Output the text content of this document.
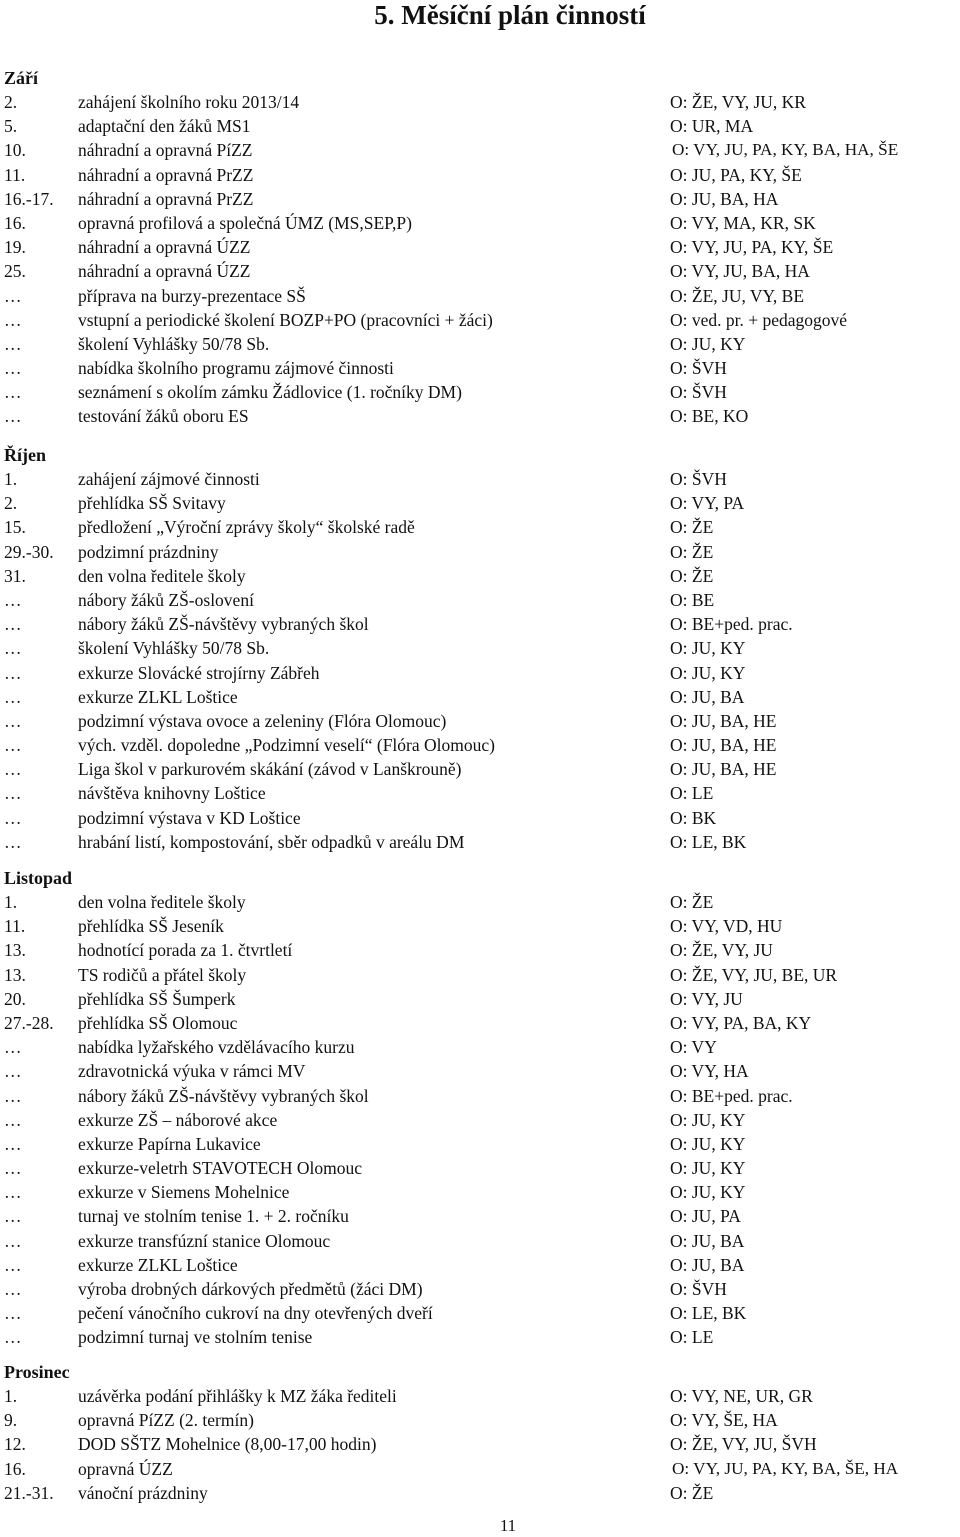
5. Měsíční plán činností
Září
2.	zahájení školního roku 2013/14	O: ŽE, VY, JU, KR
5.	adaptační den žáků MS1	O: UR, MA
10.	náhradní a opravná PíZZ	O: VY, JU, PA, KY, BA, HA, ŠE
11.	náhradní a opravná PrZZ	O: JU, PA, KY, ŠE
16.-17. náhradní a opravná PrZZ	O: JU, BA, HA
16.	opravná profilová a společná ÚMZ (MS,SEP,P)	O: VY, MA, KR, SK
19.	náhradní a opravná ÚZZ	O: VY, JU, PA, KY, ŠE
25.	náhradní a opravná ÚZZ	O: VY, JU, BA, HA
…	příprava na burzy-prezentace SŠ	O: ŽE, JU, VY, BE
…	vstupní a periodické školení BOZP+PO (pracovníci + žáci)	O: ved. pr. + pedagogové
…	školení Vyhlášky 50/78 Sb.	O: JU, KY
…	nabídka školního programu zájmové činnosti	O: ŠVH
…	seznámení s okolím zámku Žádlovice (1. ročníky DM)	O: ŠVH
…	testování žáků oboru ES	O: BE, KO
Říjen
1.	zahájení zájmové činnosti	O: ŠVH
2.	přehlídka SŠ Svitavy	O: VY, PA
15.	předložení „Výroční zprávy školy“ školské radě	O: ŽE
29.-30. podzimní prázdniny	O: ŽE
31.	den volna ředitele školy	O: ŽE
…	nábory žáků ZŠ-oslovení	O: BE
…	nábory žáků ZŠ-návštěvy vybraných škol	O: BE+ped. prac.
…	školení Vyhlášky 50/78 Sb.	O: JU, KY
…	exkurze Slovácké strojírny Zábřeh	O: JU, KY
…	exkurze ZLKL Loštice	O: JU, BA
…	podzimní výstava ovoce a zeleniny (Flóra Olomouc)	O: JU, BA, HE
…	vých. vzděl. dopoledne „Podzimní veselí“ (Flóra Olomouc)	O: JU, BA, HE
…	Liga škol v parkurovém skákání (závod v Lanškrouně)	O: JU, BA, HE
…	návštěva knihovny Loštice	O: LE
…	podzimní výstava v KD Loštice	O: BK
…	hrabání listí, kompostování, sběr odpadků v areálu DM	O: LE, BK
Listopad
1.	den volna ředitele školy	O: ŽE
11.	přehlídka SŠ Jeseník	O: VY, VD, HU
13.	hodnotící porada za 1. čtvrtletí	O: ŽE, VY, JU
13.	TS rodičů a přátel školy	O: ŽE, VY, JU, BE, UR
20.	přehlídka SŠ Šumperk	O: VY, JU
27.-28. přehlídka SŠ Olomouc	O: VY, PA, BA, KY
…	nabídka lyžařského vzdělávacího kurzu	O: VY
…	zdravotnická výuka v rámci MV	O: VY, HA
…	nábory žáků ZŠ-návštěvy vybraných škol	O: BE+ped. prac.
…	exkurze ZŠ – náborové akce	O: JU, KY
…	exkurze Papírna Lukavice	O: JU, KY
…	exkurze-veletrh STAVOTECH Olomouc	O: JU, KY
…	exkurze v Siemens Mohelnice	O: JU, KY
…	turnaj ve stolním tenise 1. + 2. ročníku	O: JU, PA
…	exkurze transfúzní stanice Olomouc	O: JU, BA
…	exkurze ZLKL Loštice	O: JU, BA
…	výroba drobných dárkových předmětů (žáci DM)	O: ŠVH
…	pečení vánočního cukroví na dny otevřených dveří	O: LE, BK
…	podzimní turnaj ve stolním tenise	O: LE
Prosinec
1.	uzávěrka podání přihlášky k MZ žáka řediteli	O: VY, NE, UR, GR
9.	opravná PíZZ (2. termín)	O: VY, ŠE, HA
12.	DOD SŠTZ Mohelnice (8,00-17,00 hodin)	O: ŽE, VY, JU, ŠVH
16.	opravná ÚZZ	O: VY, JU, PA, KY, BA, ŠE, HA
21.-31. vánoční prázdniny	O: ŽE
11
